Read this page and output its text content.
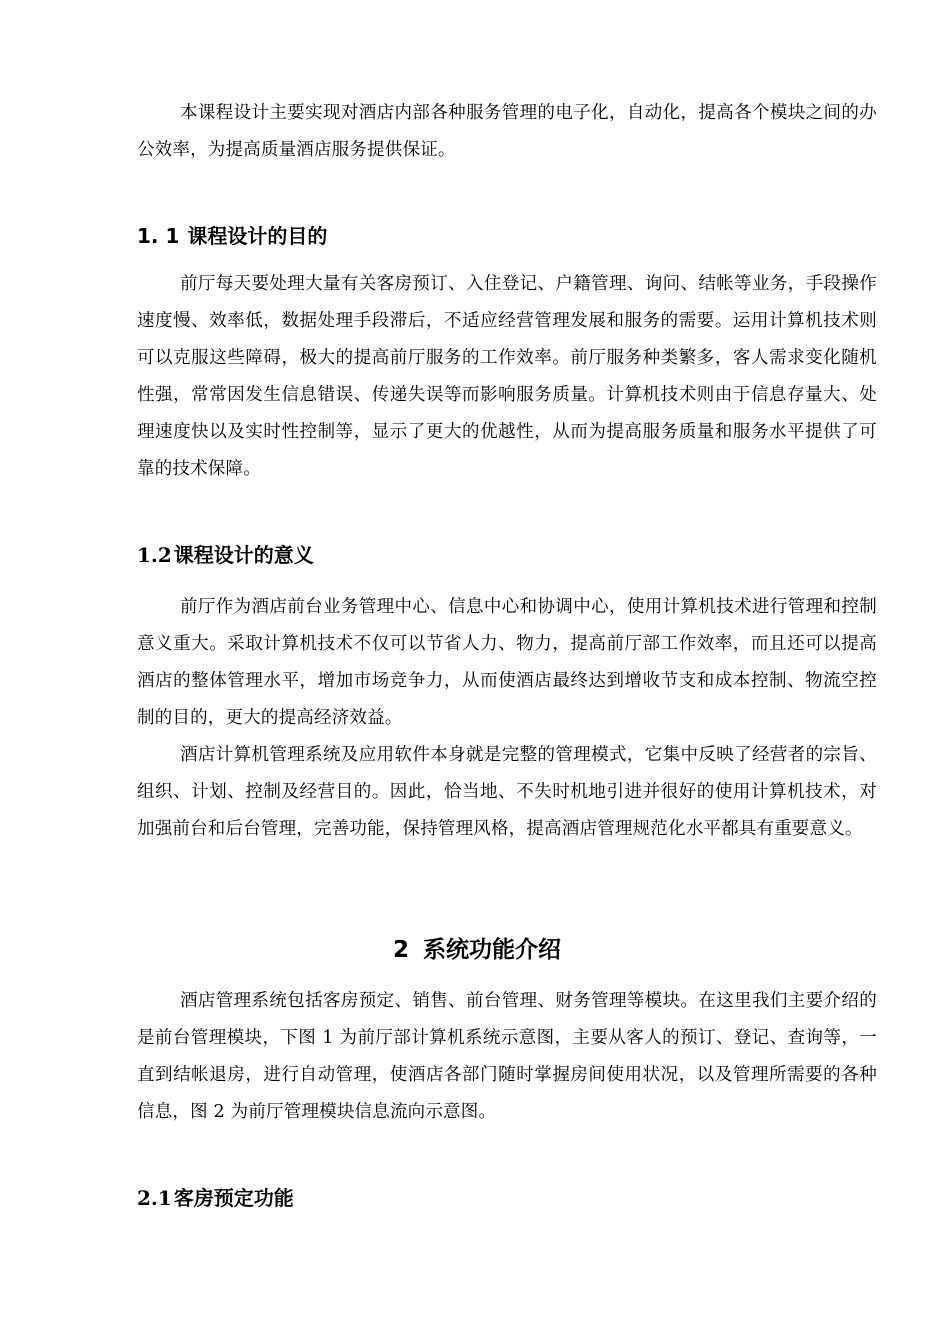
本课程设计主要实现对酒店内部各种服务管理的电子化，自动化，提高各个模块之间的办公效率，为提高质量酒店服务提供保证。

1. 1 课程设计的目的

前厅每天要处理大量有关客房预订、入住登记、户籍管理、询问、结帐等业务，手段操作速度慢、效率低，数据处理手段滞后，不适应经营管理发展和服务的需要。运用计算机技术则可以克服这些障碍，极大的提高前厅服务的工作效率。前厅服务种类繁多，客人需求变化随机性强，常常因发生信息错误、传递失误等而影响服务质量。计算机技术则由于信息存量大、处理速度快以及实时性控制等，显示了更大的优越性，从而为提高服务质量和服务水平提供了可靠的技术保障。

1.2 课程设计的意义

前厅作为酒店前台业务管理中心、信息中心和协调中心，使用计算机技术进行管理和控制意义重大。采取计算机技术不仅可以节省人力、物力，提高前厅部工作效率，而且还可以提高酒店的整体管理水平，增加市场竞争力，从而使酒店最终达到增收节支和成本控制、物流空控制的目的，更大的提高经济效益。

酒店计算机管理系统及应用软件本身就是完整的管理模式，它集中反映了经营者的宗旨、组织、计划、控制及经营目的。因此，恰当地、不失时机地引进并很好的使用计算机技术，对加强前台和后台管理，完善功能，保持管理风格，提高酒店管理规范化水平都具有重要意义。

2 系统功能介绍

酒店管理系统包括客房预定、销售、前台管理、财务管理等模块。在这里我们主要介绍的是前台管理模块，下图 1 为前厅部计算机系统示意图，主要从客人的预订、登记、查询等，一直到结帐退房，进行自动管理，使酒店各部门随时掌握房间使用状况，以及管理所需要的各种信息，图 2 为前厅管理模块信息流向示意图。

2.1 客房预定功能
